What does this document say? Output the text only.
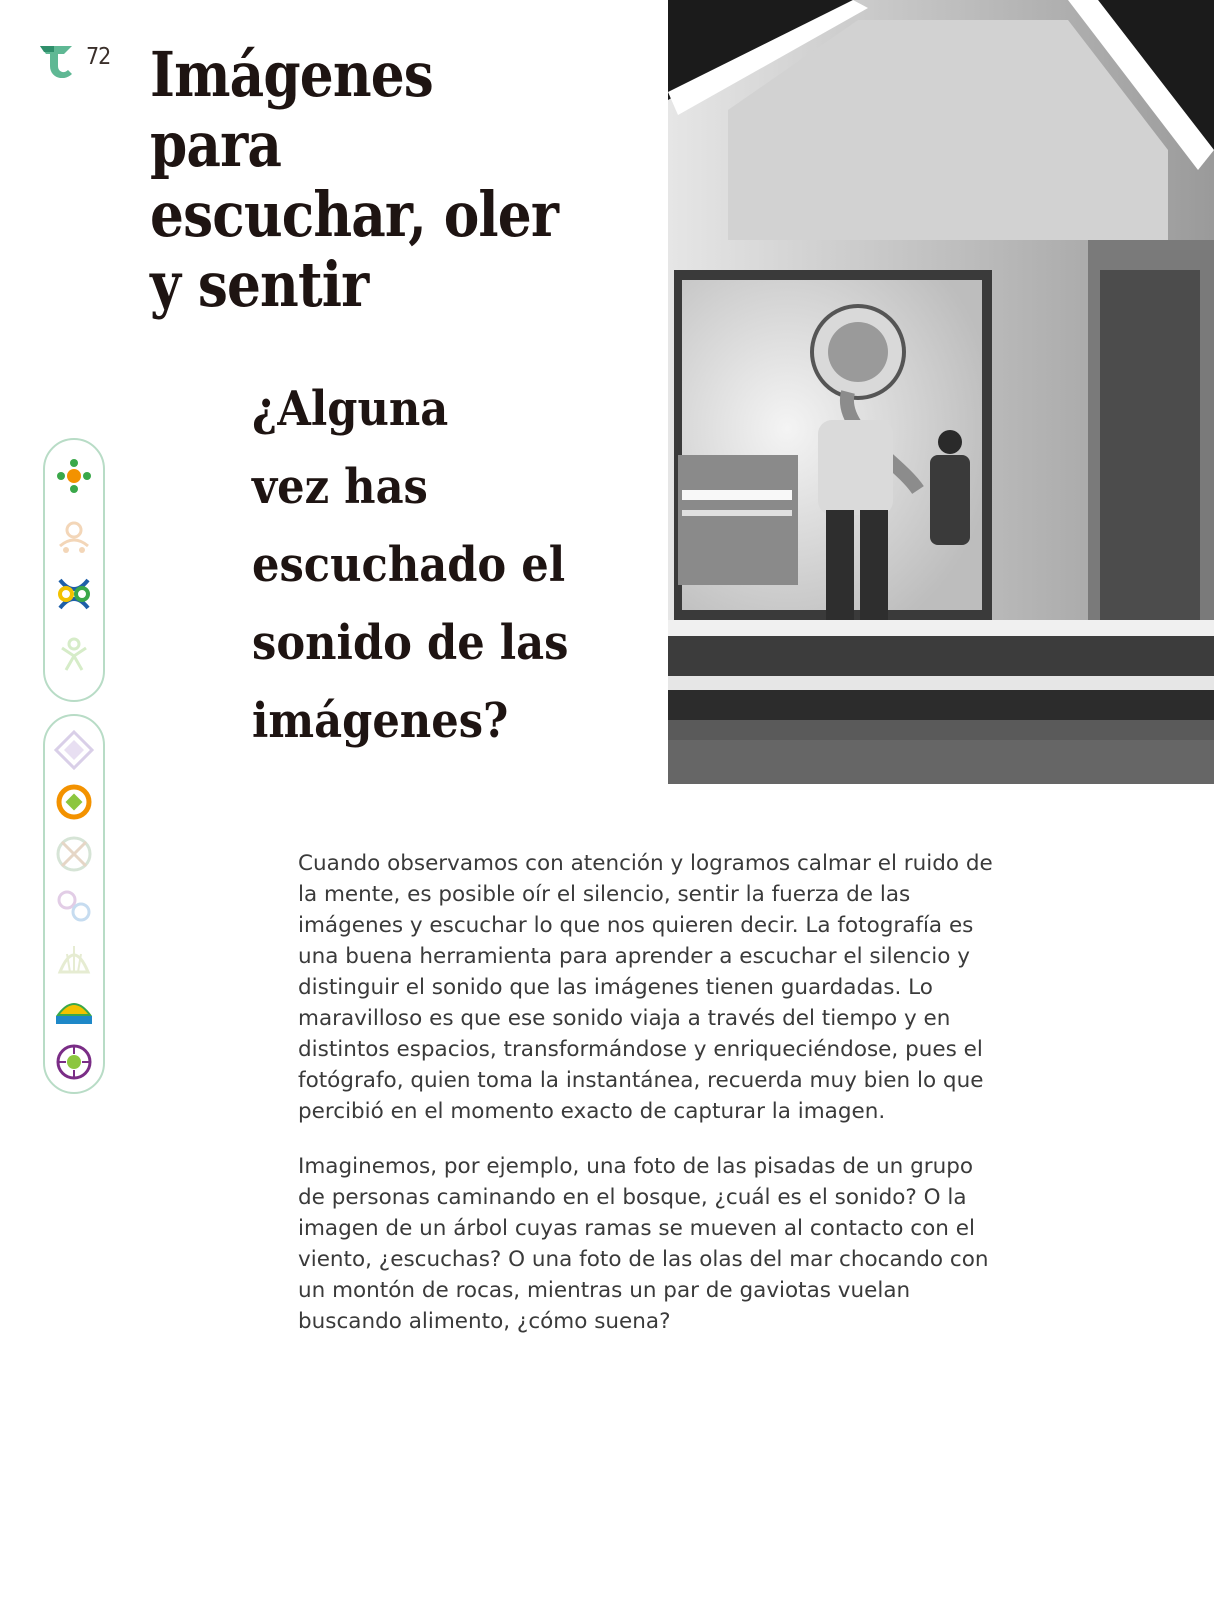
72 Imágenes para
escuchar, oler
y sentir
¿Alguna
vez has
escuchado el
sonido de las
imágenes?

Cuando observamos con atención y logramos calmar el ruido de la mente, es posible oír el silencio, sentir la fuerza de las imágenes y escuchar lo que nos quieren decir. La fotografía es una buena herramienta para aprender a escuchar el silencio y distinguir el sonido que las imágenes tienen guardadas. Lo maravilloso es que ese sonido viaja a través del tiempo y en distintos espacios, transformándose y enriqueciéndose, pues el fotógrafo, quien toma la instantánea, recuerda muy bien lo que percibió en el momento exacto de capturar la imagen.

Imaginemos, por ejemplo, una foto de las pisadas de un grupo de personas caminando en el bosque, ¿cuál es el sonido? O la imagen de un árbol cuyas ramas se mueven al contacto con el viento, ¿escuchas? O una foto de las olas del mar chocando con un montón de rocas, mientras un par de gaviotas vuelan buscando alimento, ¿cómo suena?
